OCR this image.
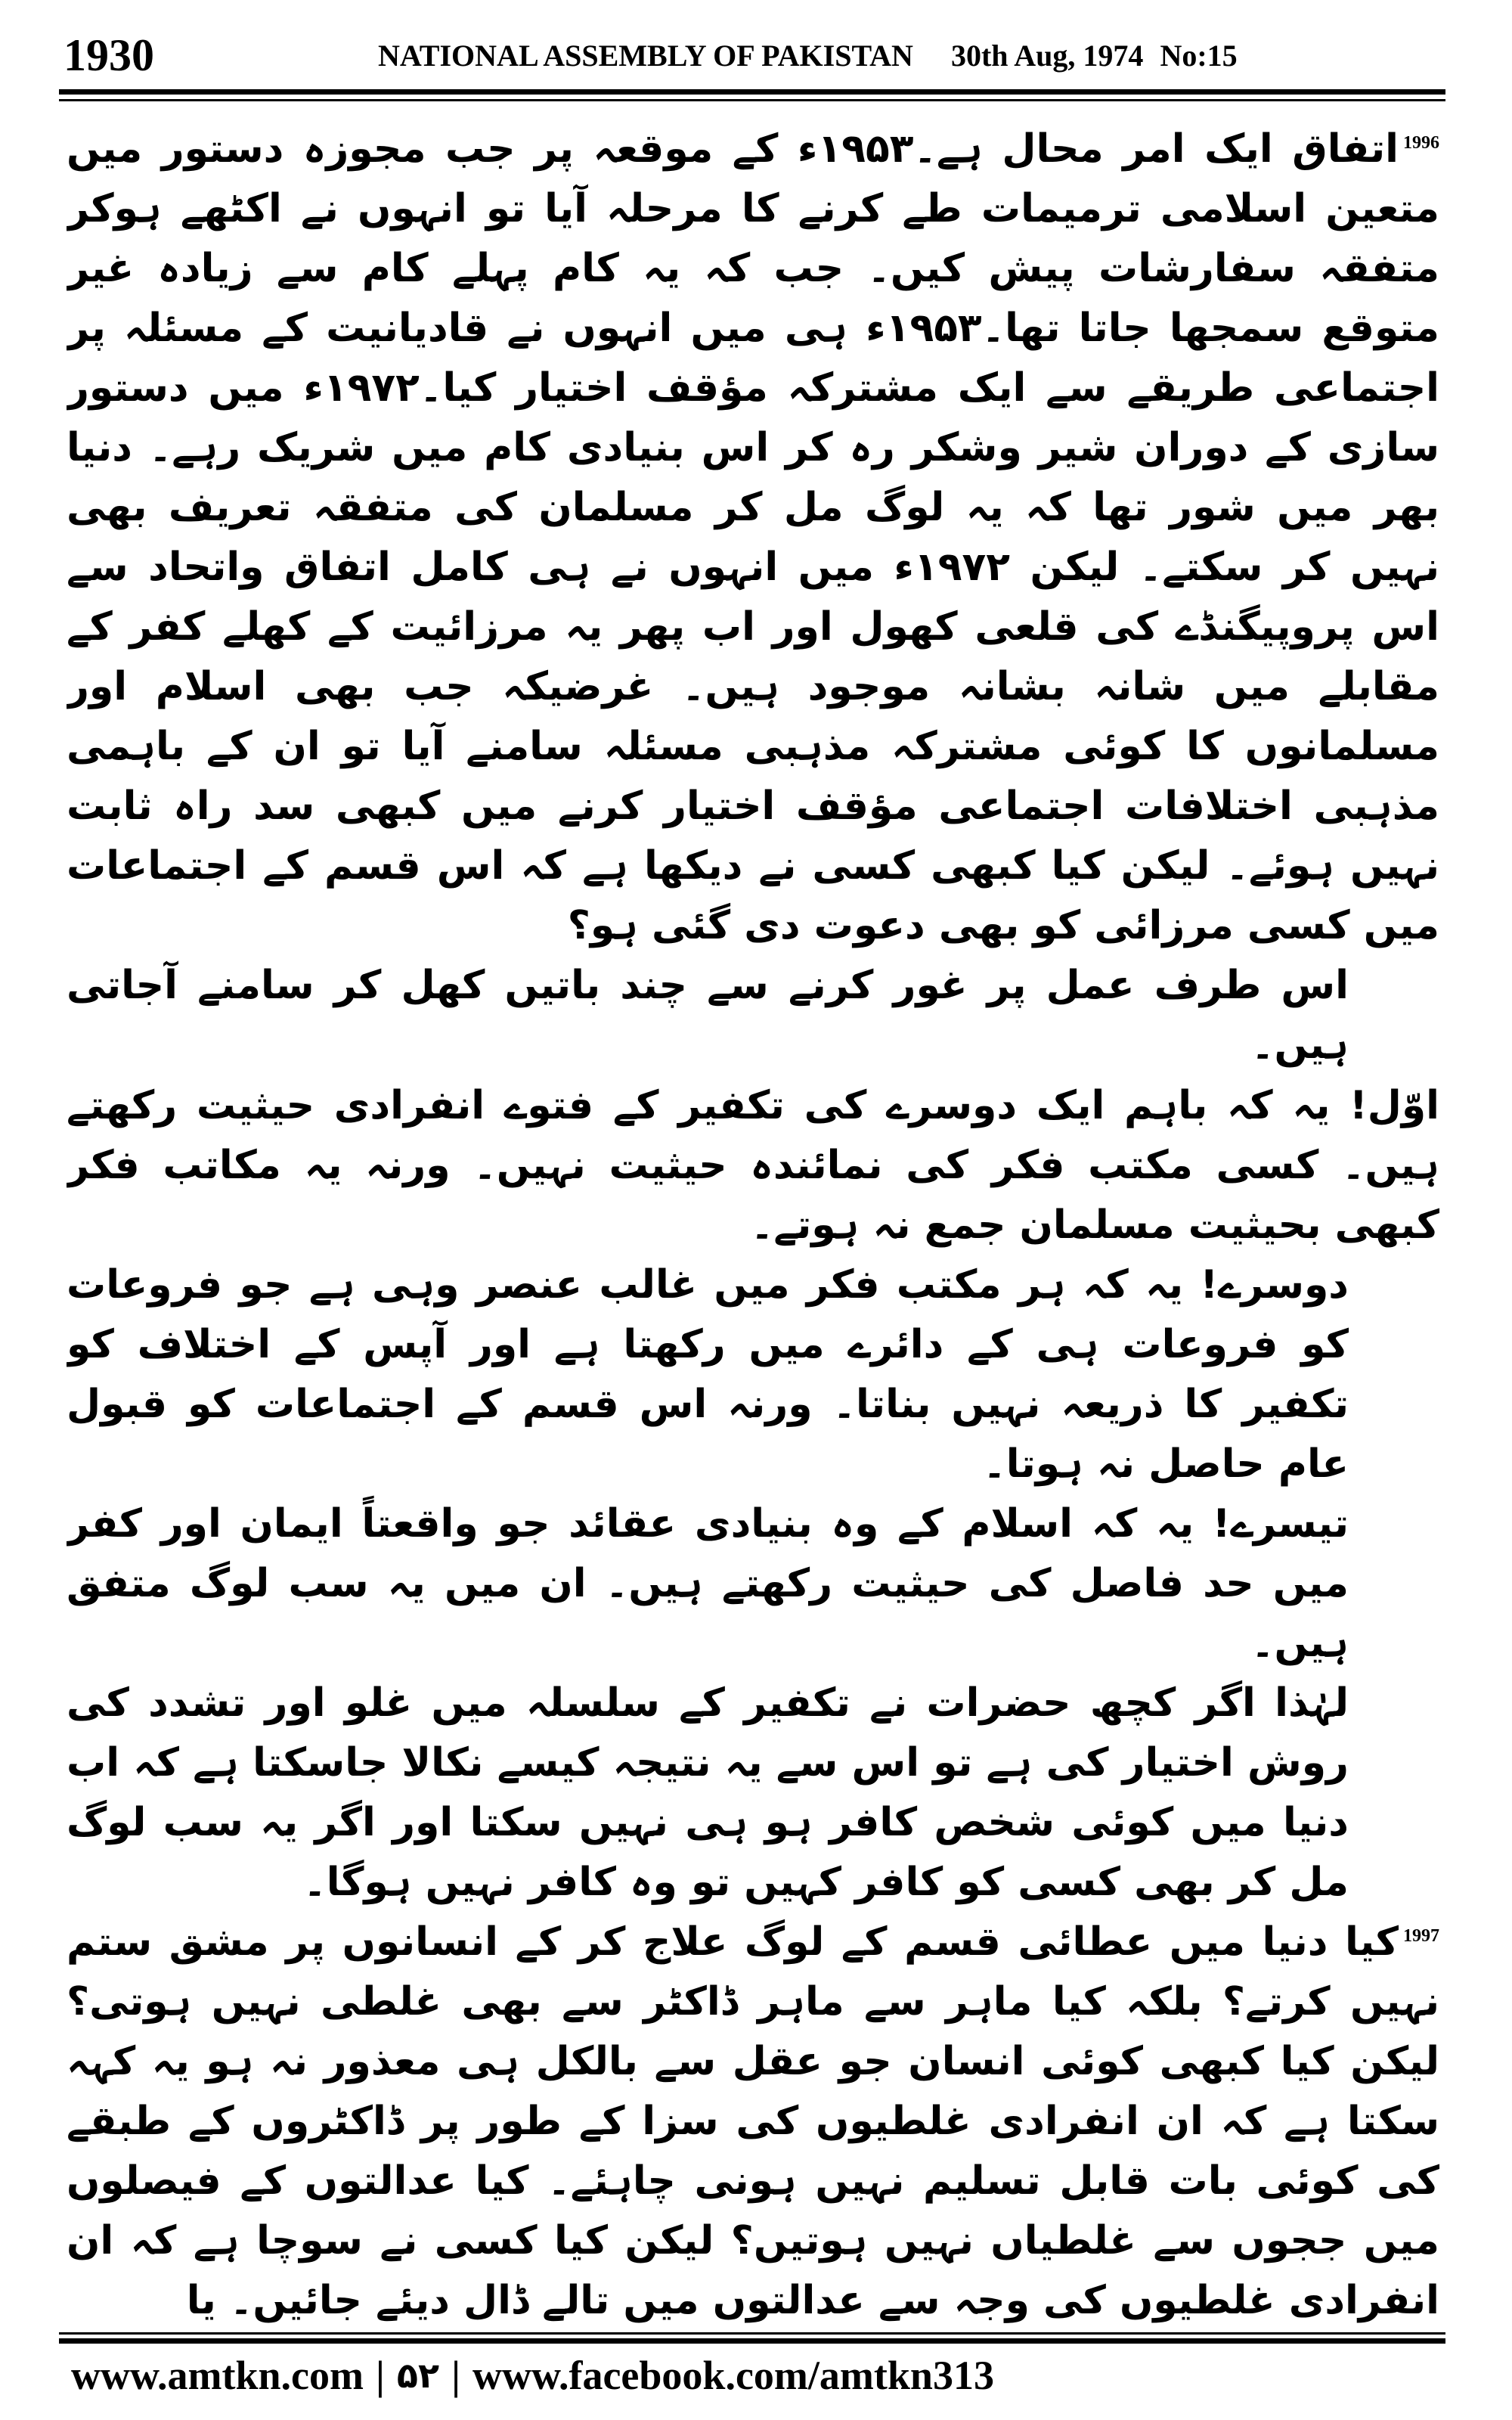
1930	NATIONAL ASSEMBLY OF PAKISTAN 30th Aug, 1974 No:15

$^{1996}$اتفاق ایک امر محال ہے۔۱۹۵۳ء کے موقعہ پر جب مجوزہ دستور میں متعین اسلامی ترمیمات طے کرنے کا مرحلہ آیا تو انہوں نے اکٹھے ہوکر متفقہ سفارشات پیش کیں۔ جب کہ یہ کام پہلے کام سے زیادہ غیر متوقع سمجھا جاتا تھا۔۱۹۵۳ء ہی میں انہوں نے قادیانیت کے مسئلہ پر اجتماعی طریقے سے ایک مشترکہ مؤقف اختیار کیا۔۱۹۷۲ء میں دستور سازی کے دوران شیر وشکر رہ کر اس بنیادی کام میں شریک رہے۔ دنیا بھر میں شور تھا کہ یہ لوگ مل کر مسلمان کی متفقہ تعریف بھی نہیں کر سکتے۔ لیکن ۱۹۷۲ء میں انہوں نے ہی کامل اتفاق واتحاد سے اس پروپیگنڈے کی قلعی کھول اور اب پھر یہ مرزائیت کے کھلے کفر کے مقابلے میں شانہ بشانہ موجود ہیں۔ غرضیکہ جب بھی اسلام اور مسلمانوں کا کوئی مشترکہ مذہبی مسئلہ سامنے آیا تو ان کے باہمی مذہبی اختلافات اجتماعی مؤقف اختیار کرنے میں کبھی سد راہ ثابت نہیں ہوئے۔ لیکن کیا کبھی کسی نے دیکھا ہے کہ اس قسم کے اجتماعات میں کسی مرزائی کو بھی دعوت دی گئی ہو؟

اس طرف عمل پر غور کرنے سے چند باتیں کھل کر سامنے آجاتی ہیں۔

اوّل! یہ کہ باہم ایک دوسرے کی تکفیر کے فتوے انفرادی حیثیت رکھتے ہیں۔ کسی مکتب فکر کی نمائندہ حیثیت نہیں۔ ورنہ یہ مکاتب فکر کبھی بحیثیت مسلمان جمع نہ ہوتے۔

دوسرے! یہ کہ ہر مکتب فکر میں غالب عنصر وہی ہے جو فروعات کو فروعات ہی کے دائرے میں رکھتا ہے اور آپس کے اختلاف کو تکفیر کا ذریعہ نہیں بناتا۔ ورنہ اس قسم کے اجتماعات کو قبول عام حاصل نہ ہوتا۔

تیسرے! یہ کہ اسلام کے وہ بنیادی عقائد جو واقعتاً ایمان اور کفر میں حد فاصل کی حیثیت رکھتے ہیں۔ ان میں یہ سب لوگ متفق ہیں۔

لہٰذا اگر کچھ حضرات نے تکفیر کے سلسلہ میں غلو اور تشدد کی روش اختیار کی ہے تو اس سے یہ نتیجہ کیسے نکالا جاسکتا ہے کہ اب دنیا میں کوئی شخص کافر ہو ہی نہیں سکتا اور اگر یہ سب لوگ مل کر بھی کسی کو کافر کہیں تو وہ کافر نہیں ہوگا۔

$^{1997}$کیا دنیا میں عطائی قسم کے لوگ علاج کر کے انسانوں پر مشق ستم نہیں کرتے؟ بلکہ کیا ماہر سے ماہر ڈاکٹر سے بھی غلطی نہیں ہوتی؟ لیکن کیا کبھی کوئی انسان جو عقل سے بالکل ہی معذور نہ ہو یہ کہہ سکتا ہے کہ ان انفرادی غلطیوں کی سزا کے طور پر ڈاکٹروں کے طبقے کی کوئی بات قابل تسلیم نہیں ہونی چاہئے۔ کیا عدالتوں کے فیصلوں میں ججوں سے غلطیاں نہیں ہوتیں؟ لیکن کیا کسی نے سوچا ہے کہ ان انفرادی غلطیوں کی وجہ سے عدالتوں میں تالے ڈال دیئے جائیں۔ یا

www.amtkn.com | ۵۲ | www.facebook.com/amtkn313
